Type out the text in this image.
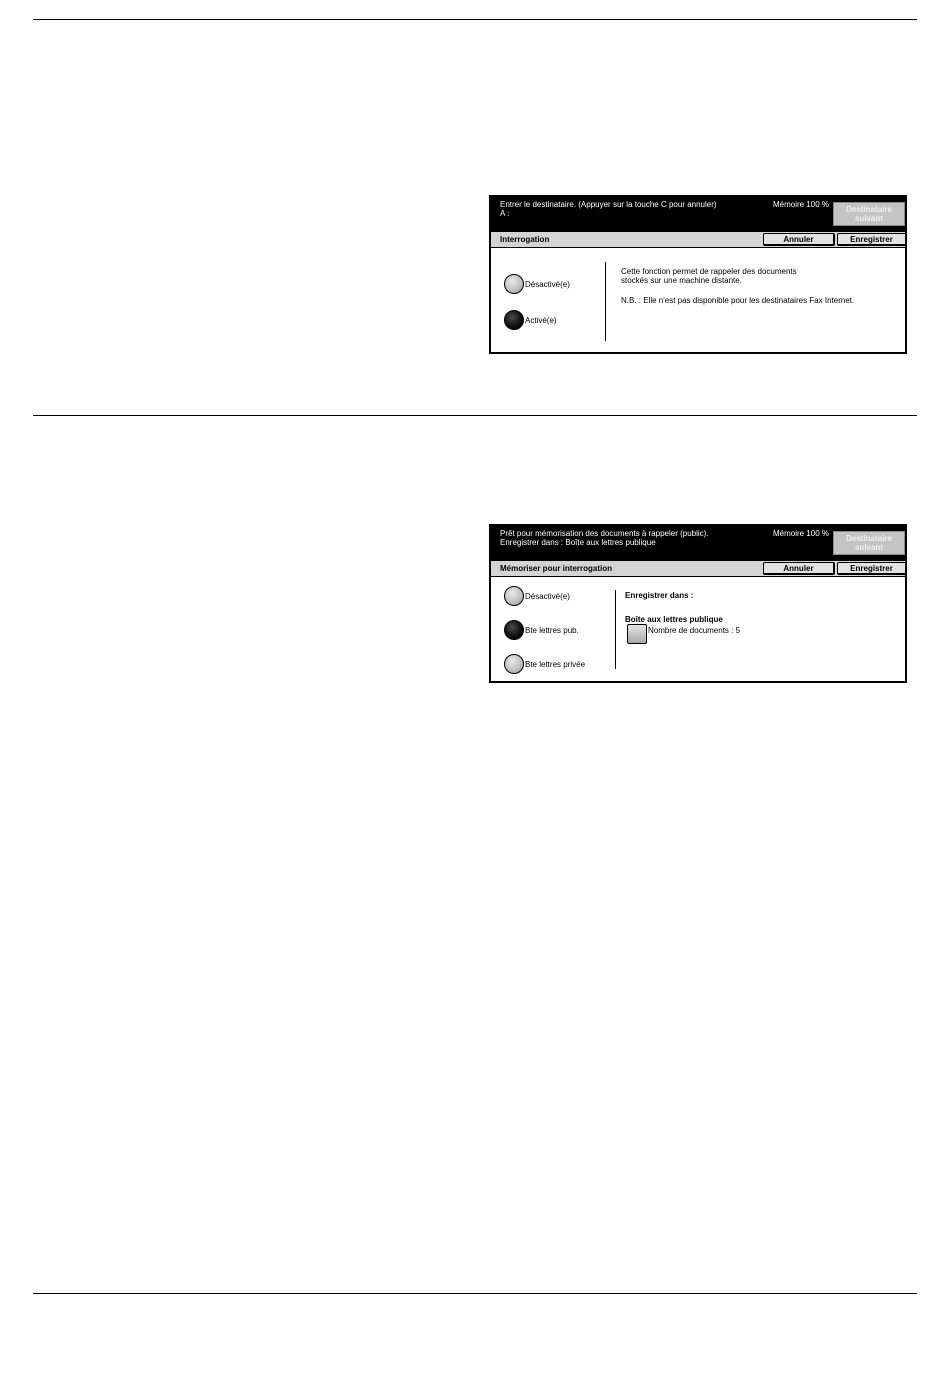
Entrer le destinataire. (Appuyer sur la touche C pour annuler)
A :
Mémoire 100 %
Destinataire
suivant
Interrogation	Annuler	Enregistrer
Désactivé(e)
Activé(e)
Cette fonction permet de rappeler des documents
stockés sur une machine distante.
N.B. : Elle n'est pas disponible pour les destinataires Fax Internet.
Prêt pour mémorisation des documents à rappeler (public).
Enregistrer dans : Boîte aux lettres publique
Mémoire 100 %
Destinataire
suivant
Mémoriser pour interrogation	Annuler	Enregistrer
Désactivé(e)
Bte lettres pub.
Bte lettres privée
Enregistrer dans :
Boîte aux lettres publique
Nombre de documents : 5
